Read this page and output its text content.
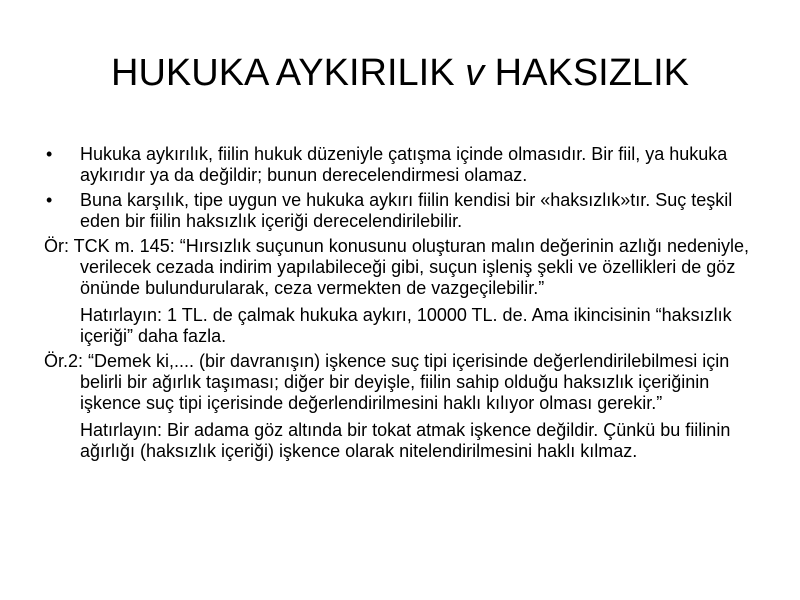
HUKUKA AYKIRILIK v HAKSIZLIK
• Hukuka aykırılık, fiilin hukuk düzeniyle çatışma içinde olmasıdır. Bir fiil, ya hukuka aykırıdır ya da değildir; bunun derecelendirmesi olamaz.
• Buna karşılık, tipe uygun ve hukuka aykırı fiilin kendisi bir «haksızlık»tır. Suç teşkil eden bir fiilin haksızlık içeriği derecelendirilebilir.
Ör: TCK m. 145: “Hırsızlık suçunun konusunu oluşturan malın değerinin azlığı nedeniyle, verilecek cezada indirim yapılabileceği gibi, suçun işleniş şekli ve özellikleri de göz önünde bulundurularak, ceza vermekten de vazgeçilebilir.”
Hatırlayın: 1 TL. de çalmak hukuka aykırı, 10000 TL. de. Ama ikincisinin “haksızlık içeriği” daha fazla.
Ör.2: “Demek ki,.... (bir davranışın) işkence suç tipi içerisinde değerlendirilebilmesi için belirli bir ağırlık taşıması; diğer bir deyişle, fiilin sahip olduğu haksızlık içeriğinin işkence suç tipi içerisinde değerlendirilmesini haklı kılıyor olması gerekir.”
Hatırlayın: Bir adama göz altında bir tokat atmak işkence değildir. Çünkü bu fiilinin ağırlığı (haksızlık içeriği) işkence olarak nitelendirilmesini haklı kılmaz.
